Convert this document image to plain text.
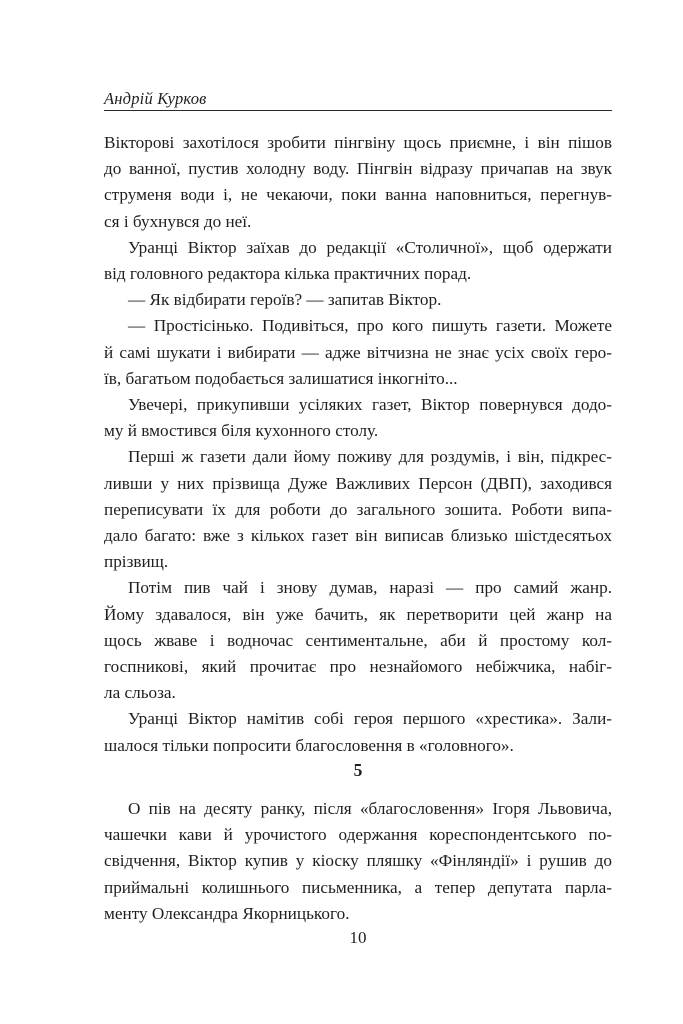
Андрій Курков

Вікторові захотілося зробити пінгвіну щось приємне, і він пішов
до ванної, пустив холодну воду. Пінгвін відразу причапав на звук
струменя води і, не чекаючи, поки ванна наповниться, перегнув-
ся і бухнувся до неї.

Уранці Віктор заїхав до редакції «Столичної», щоб одержати
від головного редактора кілька практичних порад.

— Як відбирати героїв? — запитав Віктор.

— Простісінько. Подивіться, про кого пишуть газети. Можете
й самі шукати і вибирати — адже вітчизна не знає усіх своїх геро-
їв, багатьом подобається залишатися інкогніто...

Увечері, прикупивши усіляких газет, Віктор повернувся додо-
му й вмостився біля кухонного столу.

Перші ж газети дали йому поживу для роздумів, і він, підкрес-
ливши у них прізвища Дуже Важливих Персон (ДВП), заходився
переписувати їх для роботи до загального зошита. Роботи випа-
дало багато: вже з кількох газет він виписав близько шістдесятьох
прізвищ.

Потім пив чай і знову думав, наразі — про самий жанр.
Йому здавалося, він уже бачить, як перетворити цей жанр на
щось жваве і водночас сентиментальне, аби й простому кол-
госпникові, який прочитає про незнайомого небіжчика, набіг-
ла сльоза.

Уранці Віктор намітив собі героя першого «хрестика». Зали-
шалося тільки попросити благословення в «головного».

5

О пів на десяту ранку, після «благословення» Ігоря Львовича,
чашечки кави й урочистого одержання кореспондентського по-
свідчення, Віктор купив у кіоску пляшку «Фінляндії» і рушив до
приймальні колишнього письменника, а тепер депутата парла-
менту Олександра Якорницького.

10
